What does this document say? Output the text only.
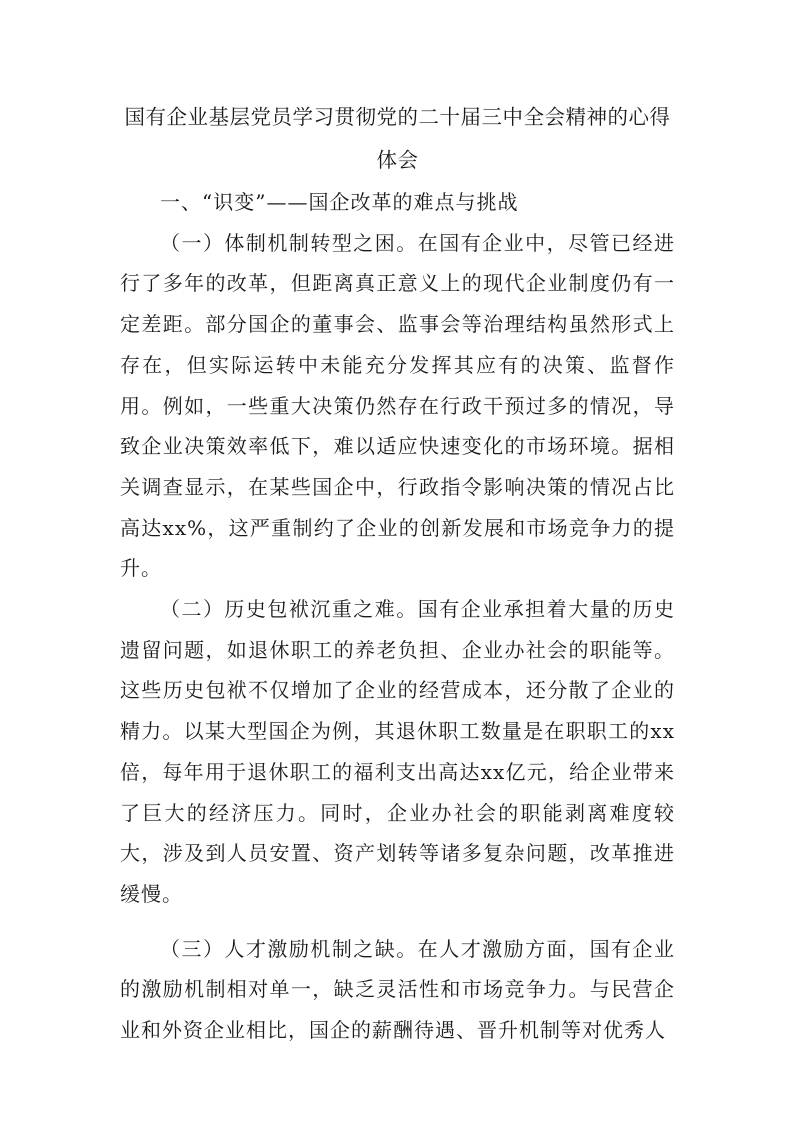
国有企业基层党员学习贯彻党的二十届三中全会精神的心得体会

一、“识变”——国企改革的难点与挑战

（一）体制机制转型之困。在国有企业中，尽管已经进行了多年的改革，但距离真正意义上的现代企业制度仍有一定差距。部分国企的董事会、监事会等治理结构虽然形式上存在，但实际运转中未能充分发挥其应有的决策、监督作用。例如，一些重大决策仍然存在行政干预过多的情况，导致企业决策效率低下，难以适应快速变化的市场环境。据相关调查显示，在某些国企中，行政指令影响决策的情况占比高达xx%，这严重制约了企业的创新发展和市场竞争力的提升。

（二）历史包袱沉重之难。国有企业承担着大量的历史遗留问题，如退休职工的养老负担、企业办社会的职能等。这些历史包袱不仅增加了企业的经营成本，还分散了企业的精力。以某大型国企为例，其退休职工数量是在职职工的xx倍，每年用于退休职工的福利支出高达xx亿元，给企业带来了巨大的经济压力。同时，企业办社会的职能剥离难度较大，涉及到人员安置、资产划转等诸多复杂问题，改革推进缓慢。

（三）人才激励机制之缺。在人才激励方面，国有企业的激励机制相对单一，缺乏灵活性和市场竞争力。与民营企业和外资企业相比，国企的薪酬待遇、晋升机制等对优秀人
